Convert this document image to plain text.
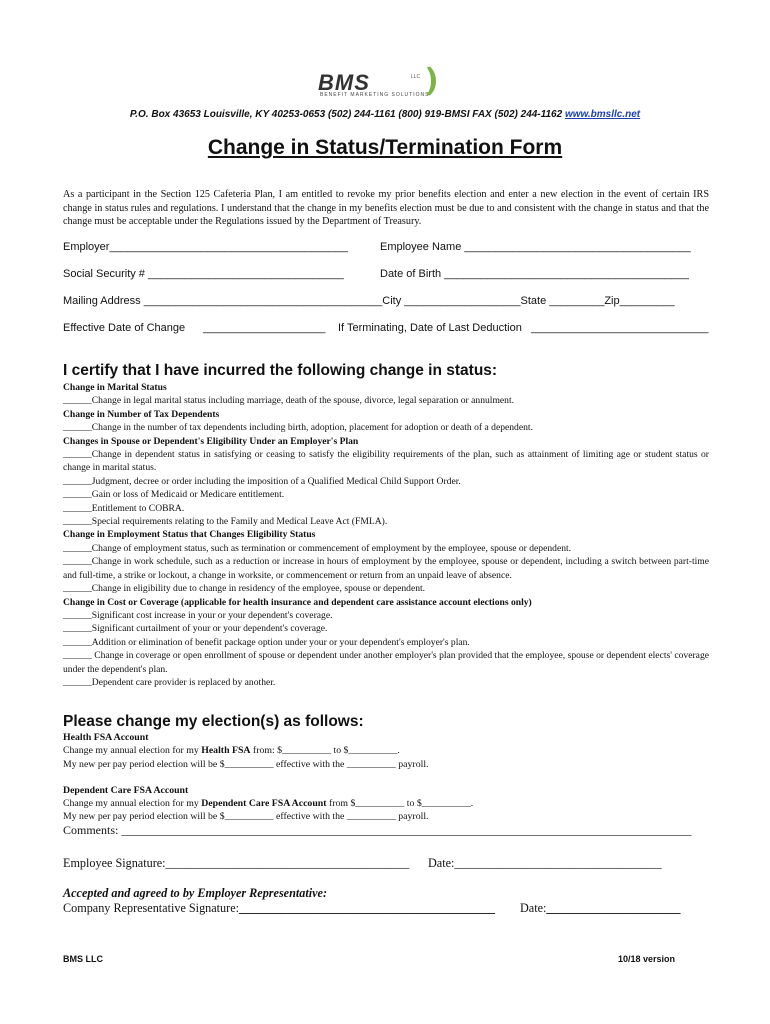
BMS	LLC
BENEFIT MARKETING SOLUTIONS
P.O. Box 43653 Louisville, KY 40253-0653 (502) 244-1161 (800) 919-BMSI FAX (502) 244-1162 www.bmsllc.net
Change in Status/Termination Form
As a participant in the Section 125 Cafeteria Plan, I am entitled to revoke my prior benefits election and enter a new election in the event of certain IRS change in status rules and regulations. I understand that the change in my benefits election must be due to and consistent with the change in status and that the change must be acceptable under the Regulations issued by the Department of Treasury.
Employer_______________________________________	Employee Name _____________________________________
Social Security # ________________________________	Date of Birth ________________________________________
Mailing Address _______________________________________City ___________________State _________Zip_________
Effective Date of Change ____________________ If Terminating, Date of Last Deduction _____________________________
I certify that I have incurred the following change in status:
Change in Marital Status
______Change in legal marital status including marriage, death of the spouse, divorce, legal separation or annulment.
Change in Number of Tax Dependents
______Change in the number of tax dependents including birth, adoption, placement for adoption or death of a dependent.
Changes in Spouse or Dependent's Eligibility Under an Employer's Plan
______Change in dependent status in satisfying or ceasing to satisfy the eligibility requirements of the plan, such as attainment of limiting age or student status or change in marital status.
______Judgment, decree or order including the imposition of a Qualified Medical Child Support Order.
______Gain or loss of Medicaid or Medicare entitlement.
______Entitlement to COBRA.
______Special requirements relating to the Family and Medical Leave Act (FMLA).
Change in Employment Status that Changes Eligibility Status
______Change of employment status, such as termination or commencement of employment by the employee, spouse or dependent.
______Change in work schedule, such as a reduction or increase in hours of employment by the employee, spouse or dependent, including a switch between part-time and full-time, a strike or lockout, a change in worksite, or commencement or return from an unpaid leave of absence.
______Change in eligibility due to change in residency of the employee, spouse or dependent.
Change in Cost or Coverage (applicable for health insurance and dependent care assistance account elections only)
______Significant cost increase in your or your dependent's coverage.
______Significant curtailment of your or your dependent's coverage.
______Addition or elimination of benefit package option under your or your dependent's employer's plan.
______ Change in coverage or open enrollment of spouse or dependent under another employer's plan provided that the employee, spouse or dependent elects' coverage under the dependent's plan.
______Dependent care provider is replaced by another.
Please change my election(s) as follows:
Health FSA Account
Change my annual election for my Health FSA from: $__________ to $__________.
My new per pay period election will be $__________ effective with the __________ payroll.
Dependent Care FSA Account
Change my annual election for my Dependent Care FSA Account from $__________ to $__________.
My new per pay period election will be $__________ effective with the __________ payroll.
Comments: _______________________________________________________________________________________________
Employee Signature:________________________________________ Date:__________________________________
Accepted and agreed to by Employer Representative:
Company Representative Signature:__________________________________________ Date:______________________
BMS LLC	10/18 version
